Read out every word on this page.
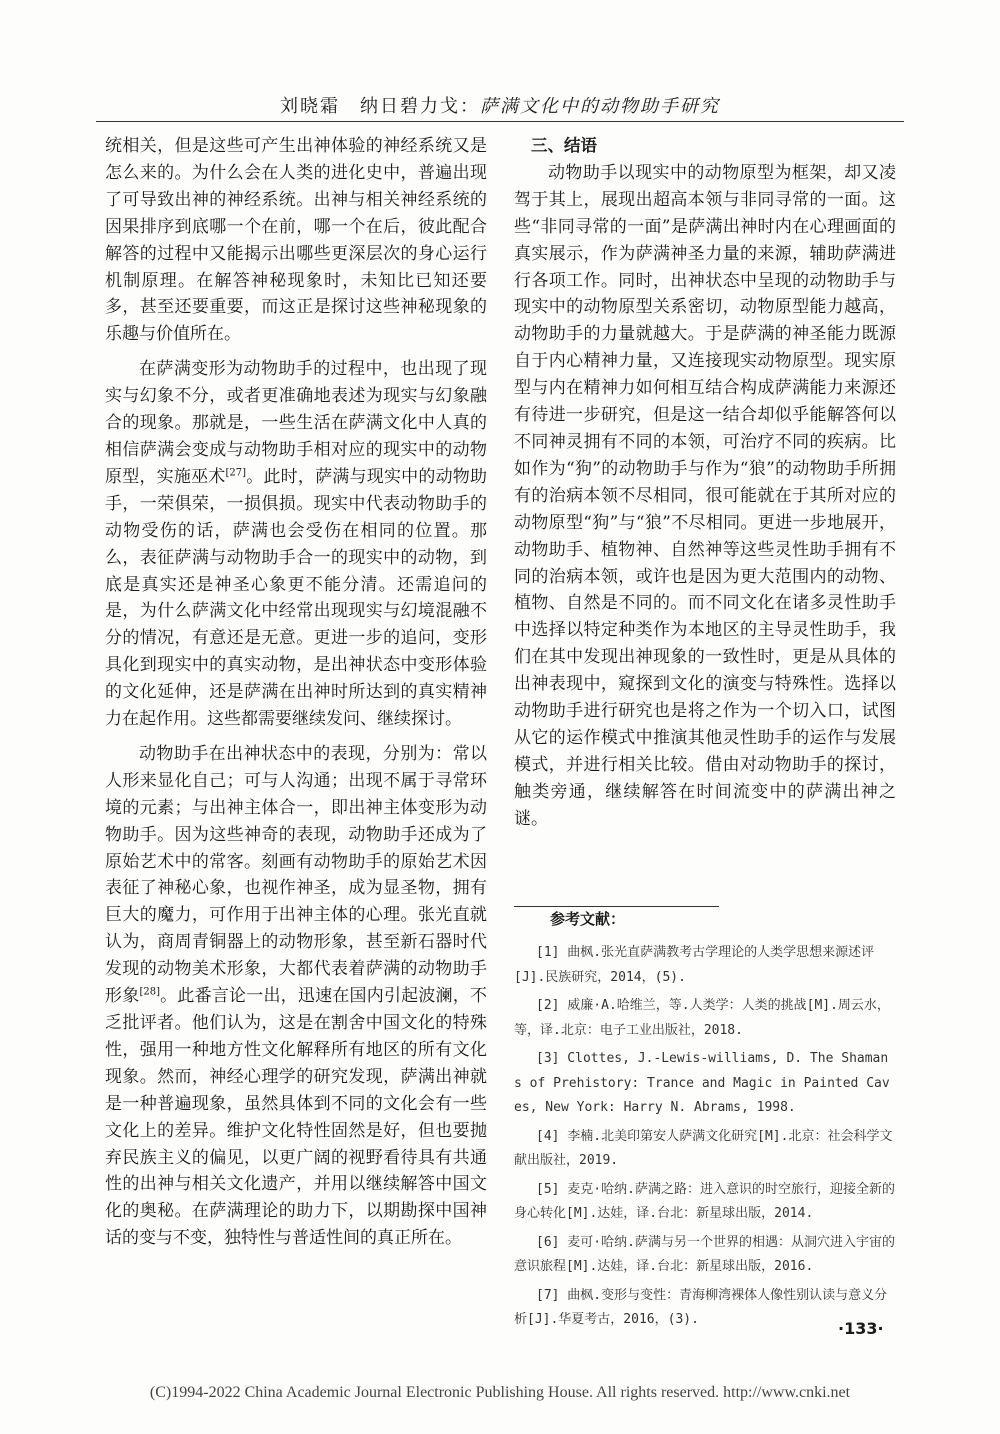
刘晓霜　纳日碧力戈：萨满文化中的动物助手研究

统相关，但是这些可产生出神体验的神经系统又是怎么来的。为什么会在人类的进化史中，普遍出现了可导致出神的神经系统。出神与相关神经系统的因果排序到底哪一个在前，哪一个在后，彼此配合解答的过程中又能揭示出哪些更深层次的身心运行机制原理。在解答神秘现象时，未知比已知还要多，甚至还要重要，而这正是探讨这些神秘现象的乐趣与价值所在。

在萨满变形为动物助手的过程中，也出现了现实与幻象不分，或者更准确地表述为现实与幻象融合的现象。那就是，一些生活在萨满文化中人真的相信萨满会变成与动物助手相对应的现实中的动物原型，实施巫术[27]。此时，萨满与现实中的动物助手，一荣俱荣，一损俱损。现实中代表动物助手的动物受伤的话，萨满也会受伤在相同的位置。那么，表征萨满与动物助手合一的现实中的动物，到底是真实还是神圣心象更不能分清。还需追问的是，为什么萨满文化中经常出现现实与幻境混融不分的情况，有意还是无意。更进一步的追问，变形具化到现实中的真实动物，是出神状态中变形体验的文化延伸，还是萨满在出神时所达到的真实精神力在起作用。这些都需要继续发问、继续探讨。

动物助手在出神状态中的表现，分别为：常以人形来显化自己；可与人沟通；出现不属于寻常环境的元素；与出神主体合一，即出神主体变形为动物助手。因为这些神奇的表现，动物助手还成为了原始艺术中的常客。刻画有动物助手的原始艺术因表征了神秘心象，也视作神圣，成为显圣物，拥有巨大的魔力，可作用于出神主体的心理。张光直就认为，商周青铜器上的动物形象，甚至新石器时代发现的动物美术形象，大都代表着萨满的动物助手形象[28]。此番言论一出，迅速在国内引起波澜，不乏批评者。他们认为，这是在割舍中国文化的特殊性，强用一种地方性文化解释所有地区的所有文化现象。然而，神经心理学的研究发现，萨满出神就是一种普遍现象，虽然具体到不同的文化会有一些文化上的差异。维护文化特性固然是好，但也要抛弃民族主义的偏见，以更广阔的视野看待具有共通性的出神与相关文化遗产，并用以继续解答中国文化的奥秘。在萨满理论的助力下，以期勘探中国神话的变与不变，独特性与普适性间的真正所在。

三、结语

动物助手以现实中的动物原型为框架，却又凌驾于其上，展现出超高本领与非同寻常的一面。这些“非同寻常的一面”是萨满出神时内在心理画面的真实展示，作为萨满神圣力量的来源，辅助萨满进行各项工作。同时，出神状态中呈现的动物助手与现实中的动物原型关系密切，动物原型能力越高，动物助手的力量就越大。于是萨满的神圣能力既源自于内心精神力量，又连接现实动物原型。现实原型与内在精神力如何相互结合构成萨满能力来源还有待进一步研究，但是这一结合却似乎能解答何以不同神灵拥有不同的本领，可治疗不同的疾病。比如作为“狗”的动物助手与作为“狼”的动物助手所拥有的治病本领不尽相同，很可能就在于其所对应的动物原型“狗”与“狼”不尽相同。更进一步地展开，动物助手、植物神、自然神等这些灵性助手拥有不同的治病本领，或许也是因为更大范围内的动物、植物、自然是不同的。而不同文化在诸多灵性助手中选择以特定种类作为本地区的主导灵性助手，我们在其中发现出神现象的一致性时，更是从具体的出神表现中，窥探到文化的演变与特殊性。选择以动物助手进行研究也是将之作为一个切入口，试图从它的运作模式中推演其他灵性助手的运作与发展模式，并进行相关比较。借由对动物助手的探讨，触类旁通，继续解答在时间流变中的萨满出神之谜。

参考文献：
[1] 曲枫.张光直萨满教考古学理论的人类学思想来源述评[J].民族研究，2014，(5).
[2] 威廉·A.哈维兰，等.人类学：人类的挑战[M].周云水，等，译.北京：电子工业出版社，2018.
[3] Clottes, J.-Lewis-williams, D. The Shamans of Prehistory: Trance and Magic in Painted Caves, New York: Harry N. Abrams, 1998.
[4] 李楠.北美印第安人萨满文化研究[M].北京：社会科学文献出版社，2019.
[5] 麦克·哈纳.萨满之路：进入意识的时空旅行，迎接全新的身心转化[M].达娃，译.台北：新星球出版，2014.
[6] 麦可·哈纳.萨满与另一个世界的相遇：从洞穴进入宇宙的意识旅程[M].达娃，译.台北：新星球出版，2016.
[7] 曲枫.变形与变性：青海柳湾裸体人像性别认读与意义分析[J].华夏考古，2016，(3).	·133·
(C)1994-2022 China Academic Journal Electronic Publishing House. All rights reserved. http://www.cnki.net
